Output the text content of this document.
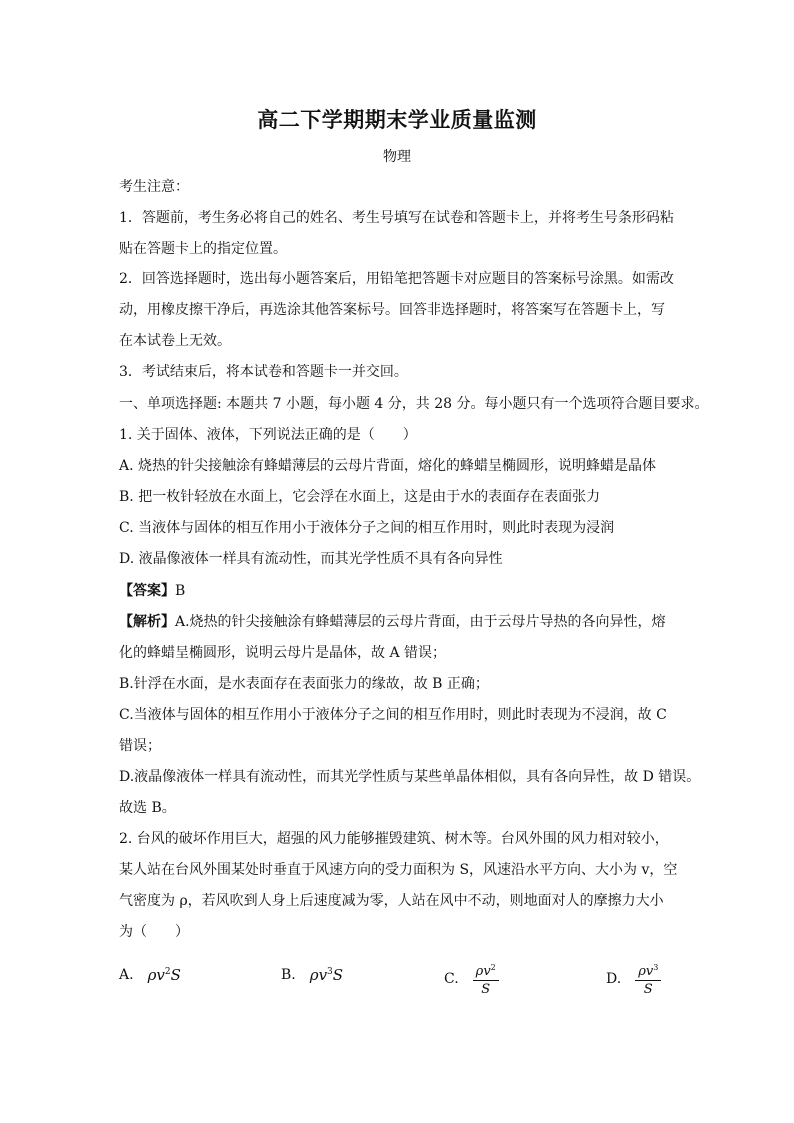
高二下学期期末学业质量监测
物理
考生注意：
1．答题前，考生务必将自己的姓名、考生号填写在试卷和答题卡上，并将考生号条形码粘
贴在答题卡上的指定位置。
2．回答选择题时，选出每小题答案后，用铅笔把答题卡对应题目的答案标号涂黑。如需改
动，用橡皮擦干净后，再选涂其他答案标号。回答非选择题时，将答案写在答题卡上，写
在本试卷上无效。
3．考试结束后，将本试卷和答题卡一并交回。
一、单项选择题: 本题共 7 小题，每小题 4 分，共 28 分。每小题只有一个选项符合题目要求。
1. 关于固体、液体，下列说法正确的是（　　）
A. 烧热的针尖接触涂有蜂蜡薄层的云母片背面，熔化的蜂蜡呈椭圆形，说明蜂蜡是晶体
B. 把一枚针轻放在水面上，它会浮在水面上，这是由于水的表面存在表面张力
C. 当液体与固体的相互作用小于液体分子之间的相互作用时，则此时表现为浸润
D. 液晶像液体一样具有流动性，而其光学性质不具有各向异性
【答案】B
【解析】A.烧热的针尖接触涂有蜂蜡薄层的云母片背面，由于云母片导热的各向异性，熔
化的蜂蜡呈椭圆形，说明云母片是晶体，故 A 错误；
B.针浮在水面，是水表面存在表面张力的缘故，故 B 正确；
C.当液体与固体的相互作用小于液体分子之间的相互作用时，则此时表现为不浸润，故 C
错误；
D.液晶像液体一样具有流动性，而其光学性质与某些单晶体相似，具有各向异性，故 D 错误。
故选 B。
2. 台风的破坏作用巨大，超强的风力能够摧毁建筑、树木等。台风外围的风力相对较小，
某人站在台风外围某处时垂直于风速方向的受力面积为 S，风速沿水平方向、大小为 v，空
气密度为 ρ，若风吹到人身上后速度减为零，人站在风中不动，则地面对人的摩擦力大小
为（　　）
A. $\rho v^2S$	B. $\rho v^3S$	C. $\frac{\rho v^2}{S}$	D. $\frac{\rho v^3}{S}$
